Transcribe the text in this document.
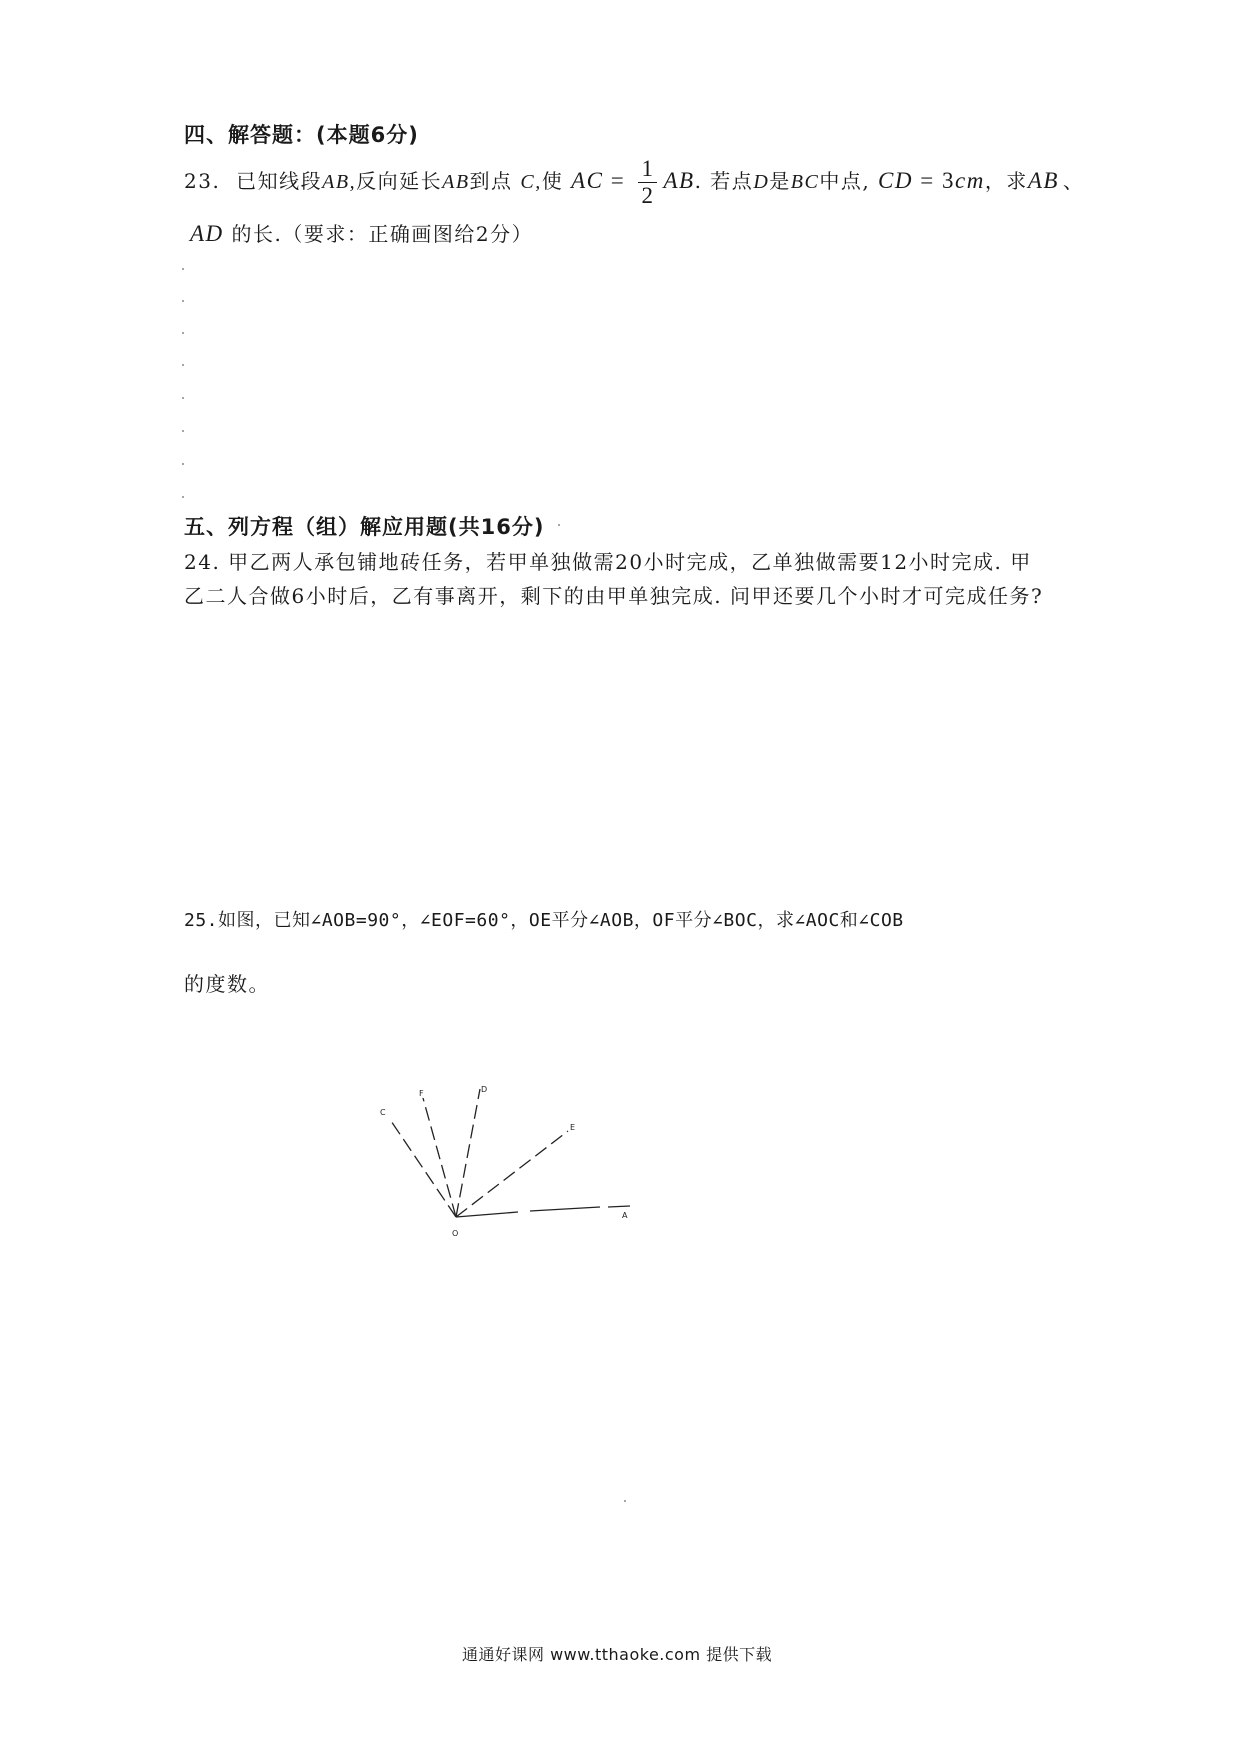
四、解答题：(本题6分)
23. 已知线段AB,反向延长AB到点 C,使 AC = $\frac{1}{2}$ AB. 若点D是BC中点, CD = 3cm，求AB 、
AD 的长.（要求：正确画图给2分）
五、列方程（组）解应用题(共16分)
24. 甲乙两人承包铺地砖任务，若甲单独做需20小时完成，乙单独做需要12小时完成. 甲
乙二人合做6小时后，乙有事离开，剩下的由甲单独完成. 问甲还要几个小时才可完成任务?
25.如图，已知∠AOB=90°，∠EOF=60°，OE平分∠AOB，OF平分∠BOC，求∠AOC和∠COB
的度数。
C
F	D
E
A
O
通通好课网 www.tthaoke.com 提供下载
